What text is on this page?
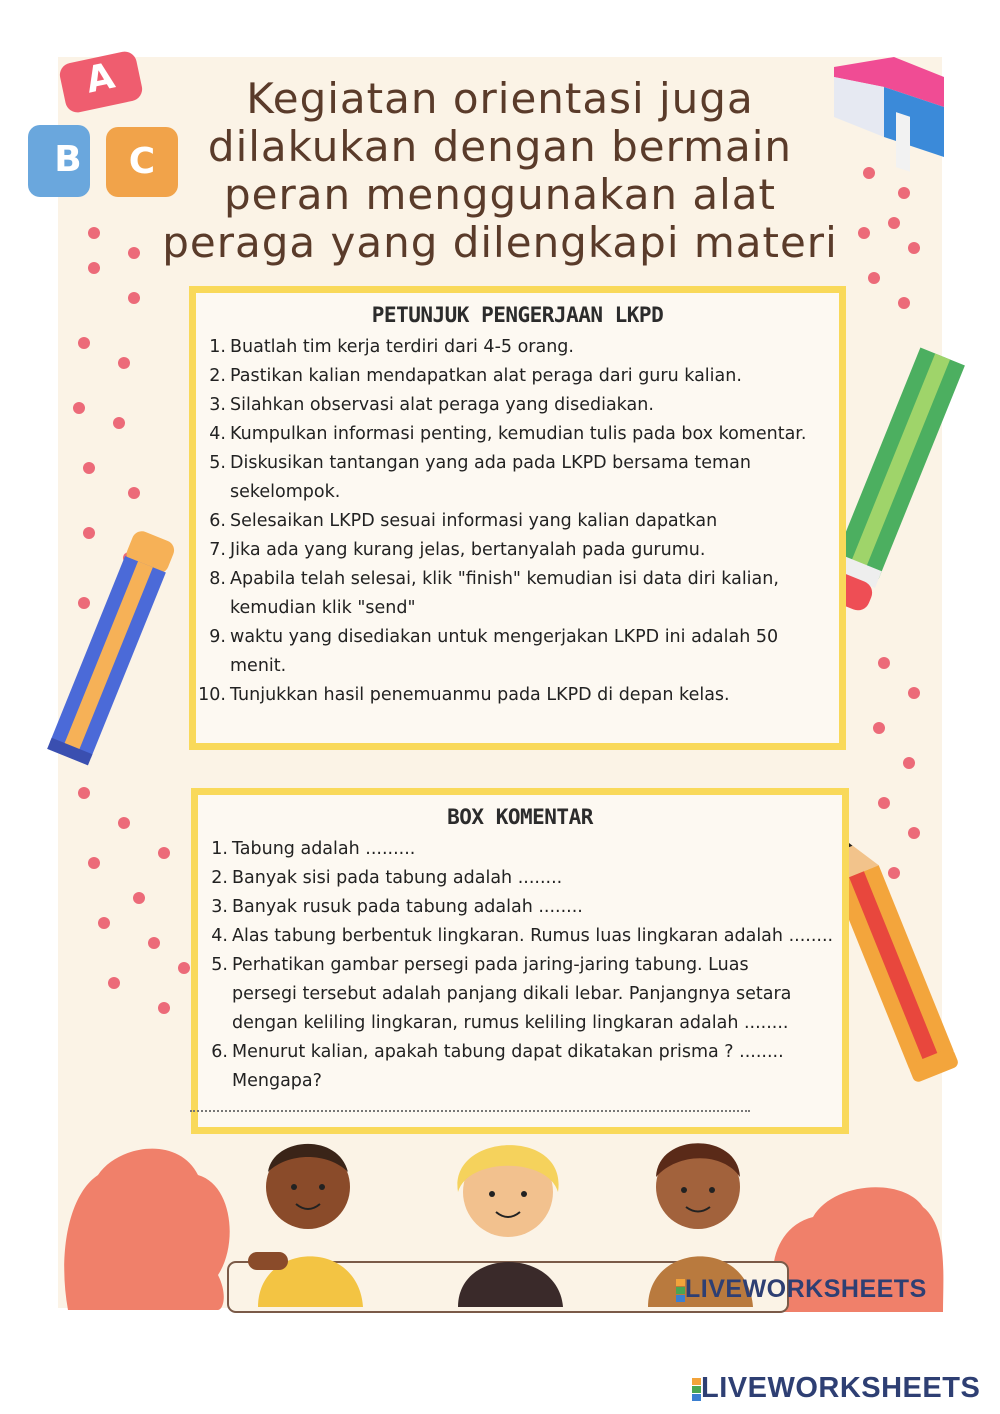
A
B	C
Kegiatan orientasi juga
dilakukan dengan bermain
peran menggunakan alat
peraga yang dilengkapi materi
PETUNJUK PENGERJAAN LKPD
1. Buatlah tim kerja terdiri dari 4-5 orang.
2. Pastikan kalian mendapatkan alat peraga dari guru kalian.
3. Silahkan observasi alat peraga yang disediakan.
4. Kumpulkan informasi penting, kemudian tulis pada box komentar.
5. Diskusikan tantangan yang ada pada LKPD bersama teman
sekelompok.
6. Selesaikan LKPD sesuai informasi yang kalian dapatkan
7. Jika ada yang kurang jelas, bertanyalah pada gurumu.
8. Apabila telah selesai, klik "finish" kemudian isi data diri kalian,
kemudian klik "send"
9. waktu yang disediakan untuk mengerjakan LKPD ini adalah 50
menit.
10. Tunjukkan hasil penemuanmu pada LKPD di depan kelas.
BOX KOMENTAR
1. Tabung adalah .........
2. Banyak sisi pada tabung adalah ........
3. Banyak rusuk pada tabung adalah ........
4. Alas tabung berbentuk lingkaran. Rumus luas lingkaran adalah ........
5. Perhatikan gambar persegi pada jaring-jaring tabung. Luas
persegi tersebut adalah panjang dikali lebar. Panjangnya setara
dengan keliling lingkaran, rumus keliling lingkaran adalah ........
6. Menurut kalian, apakah tabung dapat dikatakan prisma ? ........
Mengapa?
LIVEWORKSHEETS
LIVEWORKSHEETS
